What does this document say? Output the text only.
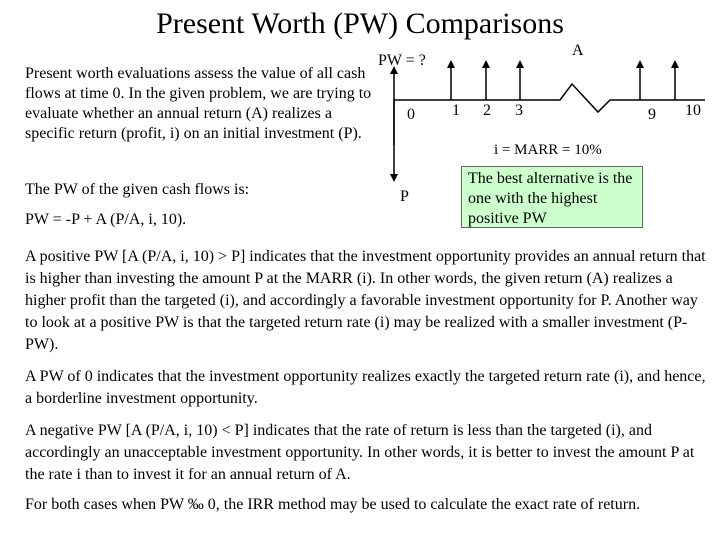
Present Worth (PW) Comparisons
Present worth evaluations assess the value of all cash flows at time 0. In the given problem, we are trying to evaluate whether an annual return (A) realizes a specific return (profit, i) on an initial investment (P).
The PW of the given cash flows is:
PW = -P + A (P/A, i, 10).
PW = ?
A
P
0 1 2 3	9 10
i = MARR = 10%
The best alternative is the one with the highest positive PW
A positive PW [A (P/A, i, 10) > P] indicates that the investment opportunity provides an annual return that is higher than investing the amount P at the MARR (i). In other words, the given return (A) realizes a higher profit than the targeted (i), and accordingly a favorable investment opportunity for P. Another way to look at a positive PW is that the targeted return rate (i) may be realized with a smaller investment (P-PW).
A PW of 0 indicates that the investment opportunity realizes exactly the targeted return rate (i), and hence, a borderline investment opportunity.
A negative PW [A (P/A, i, 10) < P] indicates that the rate of return is less than the targeted (i), and accordingly an unacceptable investment opportunity. In other words, it is better to invest the amount P at the rate i than to invest it for an annual return of A.
For both cases when PW ‰ 0, the IRR method may be used to calculate the exact rate of return.
